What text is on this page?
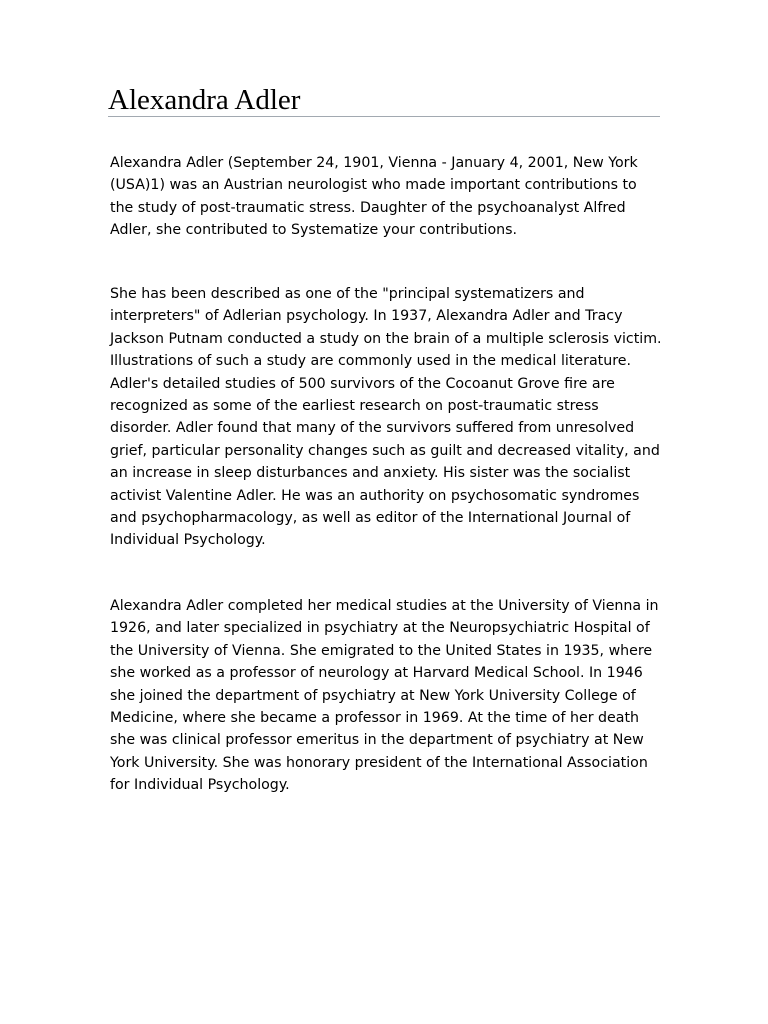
Alexandra Adler

Alexandra Adler (September 24, 1901, Vienna - January 4, 2001, New York (USA)1) was an Austrian neurologist who made important contributions to the study of post-traumatic stress. Daughter of the psychoanalyst Alfred Adler, she contributed to Systematize your contributions.

She has been described as one of the "principal systematizers and interpreters" of Adlerian psychology. In 1937, Alexandra Adler and Tracy Jackson Putnam conducted a study on the brain of a multiple sclerosis victim. Illustrations of such a study are commonly used in the medical literature. Adler's detailed studies of 500 survivors of the Cocoanut Grove fire are recognized as some of the earliest research on post-traumatic stress disorder. Adler found that many of the survivors suffered from unresolved grief, particular personality changes such as guilt and decreased vitality, and an increase in sleep disturbances and anxiety. His sister was the socialist activist Valentine Adler. He was an authority on psychosomatic syndromes and psychopharmacology, as well as editor of the International Journal of Individual Psychology.

Alexandra Adler completed her medical studies at the University of Vienna in 1926, and later specialized in psychiatry at the Neuropsychiatric Hospital of the University of Vienna. She emigrated to the United States in 1935, where she worked as a professor of neurology at Harvard Medical School. In 1946 she joined the department of psychiatry at New York University College of Medicine, where she became a professor in 1969. At the time of her death she was clinical professor emeritus in the department of psychiatry at New York University. She was honorary president of the International Association for Individual Psychology.
